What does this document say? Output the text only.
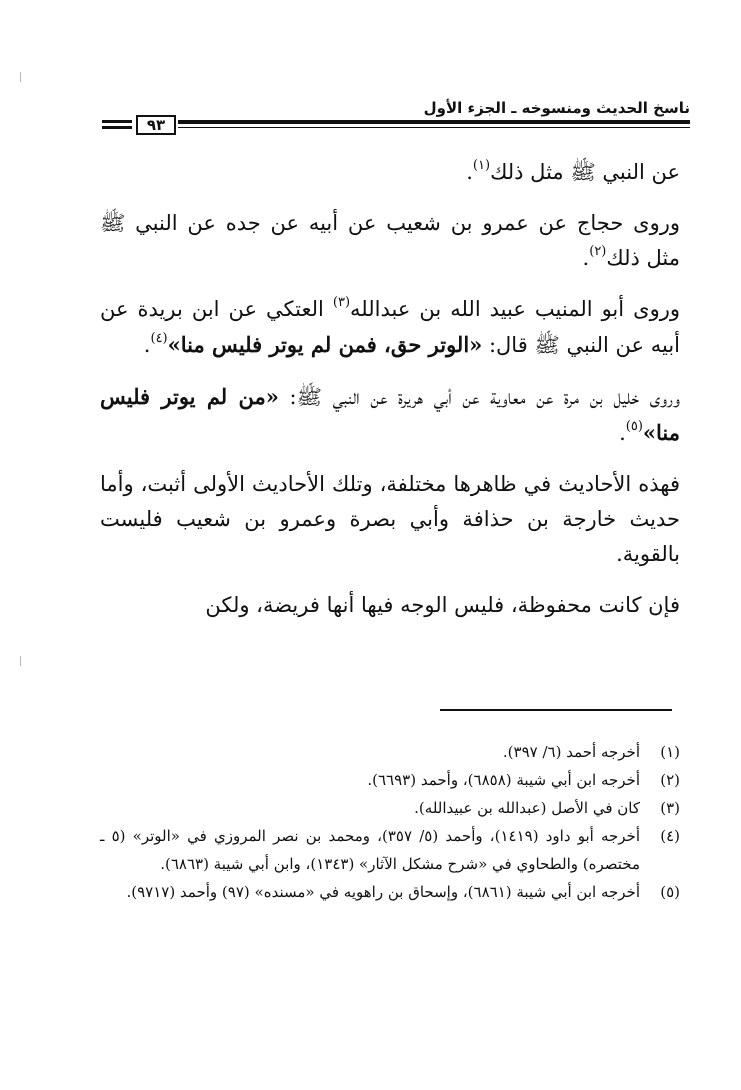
ناسخ الحديث ومنسوخه ـ الجزء الأول
٩٣

عن النبي ﷺ مثل ذلك$^{(١)}$.

وروى حجاج عن عمرو بن شعيب عن أبيه عن جده عن النبي ﷺ مثل ذلك$^{(٢)}$.

وروى أبو المنيب عبيد الله بن عبدالله$^{(٣)}$ العتكي عن ابن بريدة عن أبيه عن النبي ﷺ قال: «الوتر حق، فمن لم يوتر فليس منا»$^{(٤)}$.

وروى خليل بن مرة عن معاوية عن أبي هريرة عن النبي ﷺ: «من لم يوتر فليس منا»$^{(٥)}$.

فهذه الأحاديث في ظاهرها مختلفة، وتلك الأحاديث الأولى أثبت، وأما حديث خارجة بن حذافة وأبي بصرة وعمرو بن شعيب فليست بالقوية.

فإن كانت محفوظة، فليس الوجه فيها أنها فريضة، ولكن

(١)
أخرجه أحمد (٦/ ٣٩٧).
(٢)
أخرجه ابن أبي شيبة (٦٨٥٨)، وأحمد (٦٦٩٣).
(٣)
كان في الأصل (عبدالله بن عبيدالله).
(٤)
أخرجه أبو داود (١٤١٩)، وأحمد (٥/ ٣٥٧)، ومحمد بن نصر المروزي في «الوتر» (٥ ـ مختصره) والطحاوي في «شرح مشكل الآثار» (١٣٤٣)، وابن أبي شيبة (٦٨٦٣).
(٥)
أخرجه ابن أبي شيبة (٦٨٦١)، وإسحاق بن راهويه في «مسنده» (٩٧) وأحمد (٩٧١٧).
